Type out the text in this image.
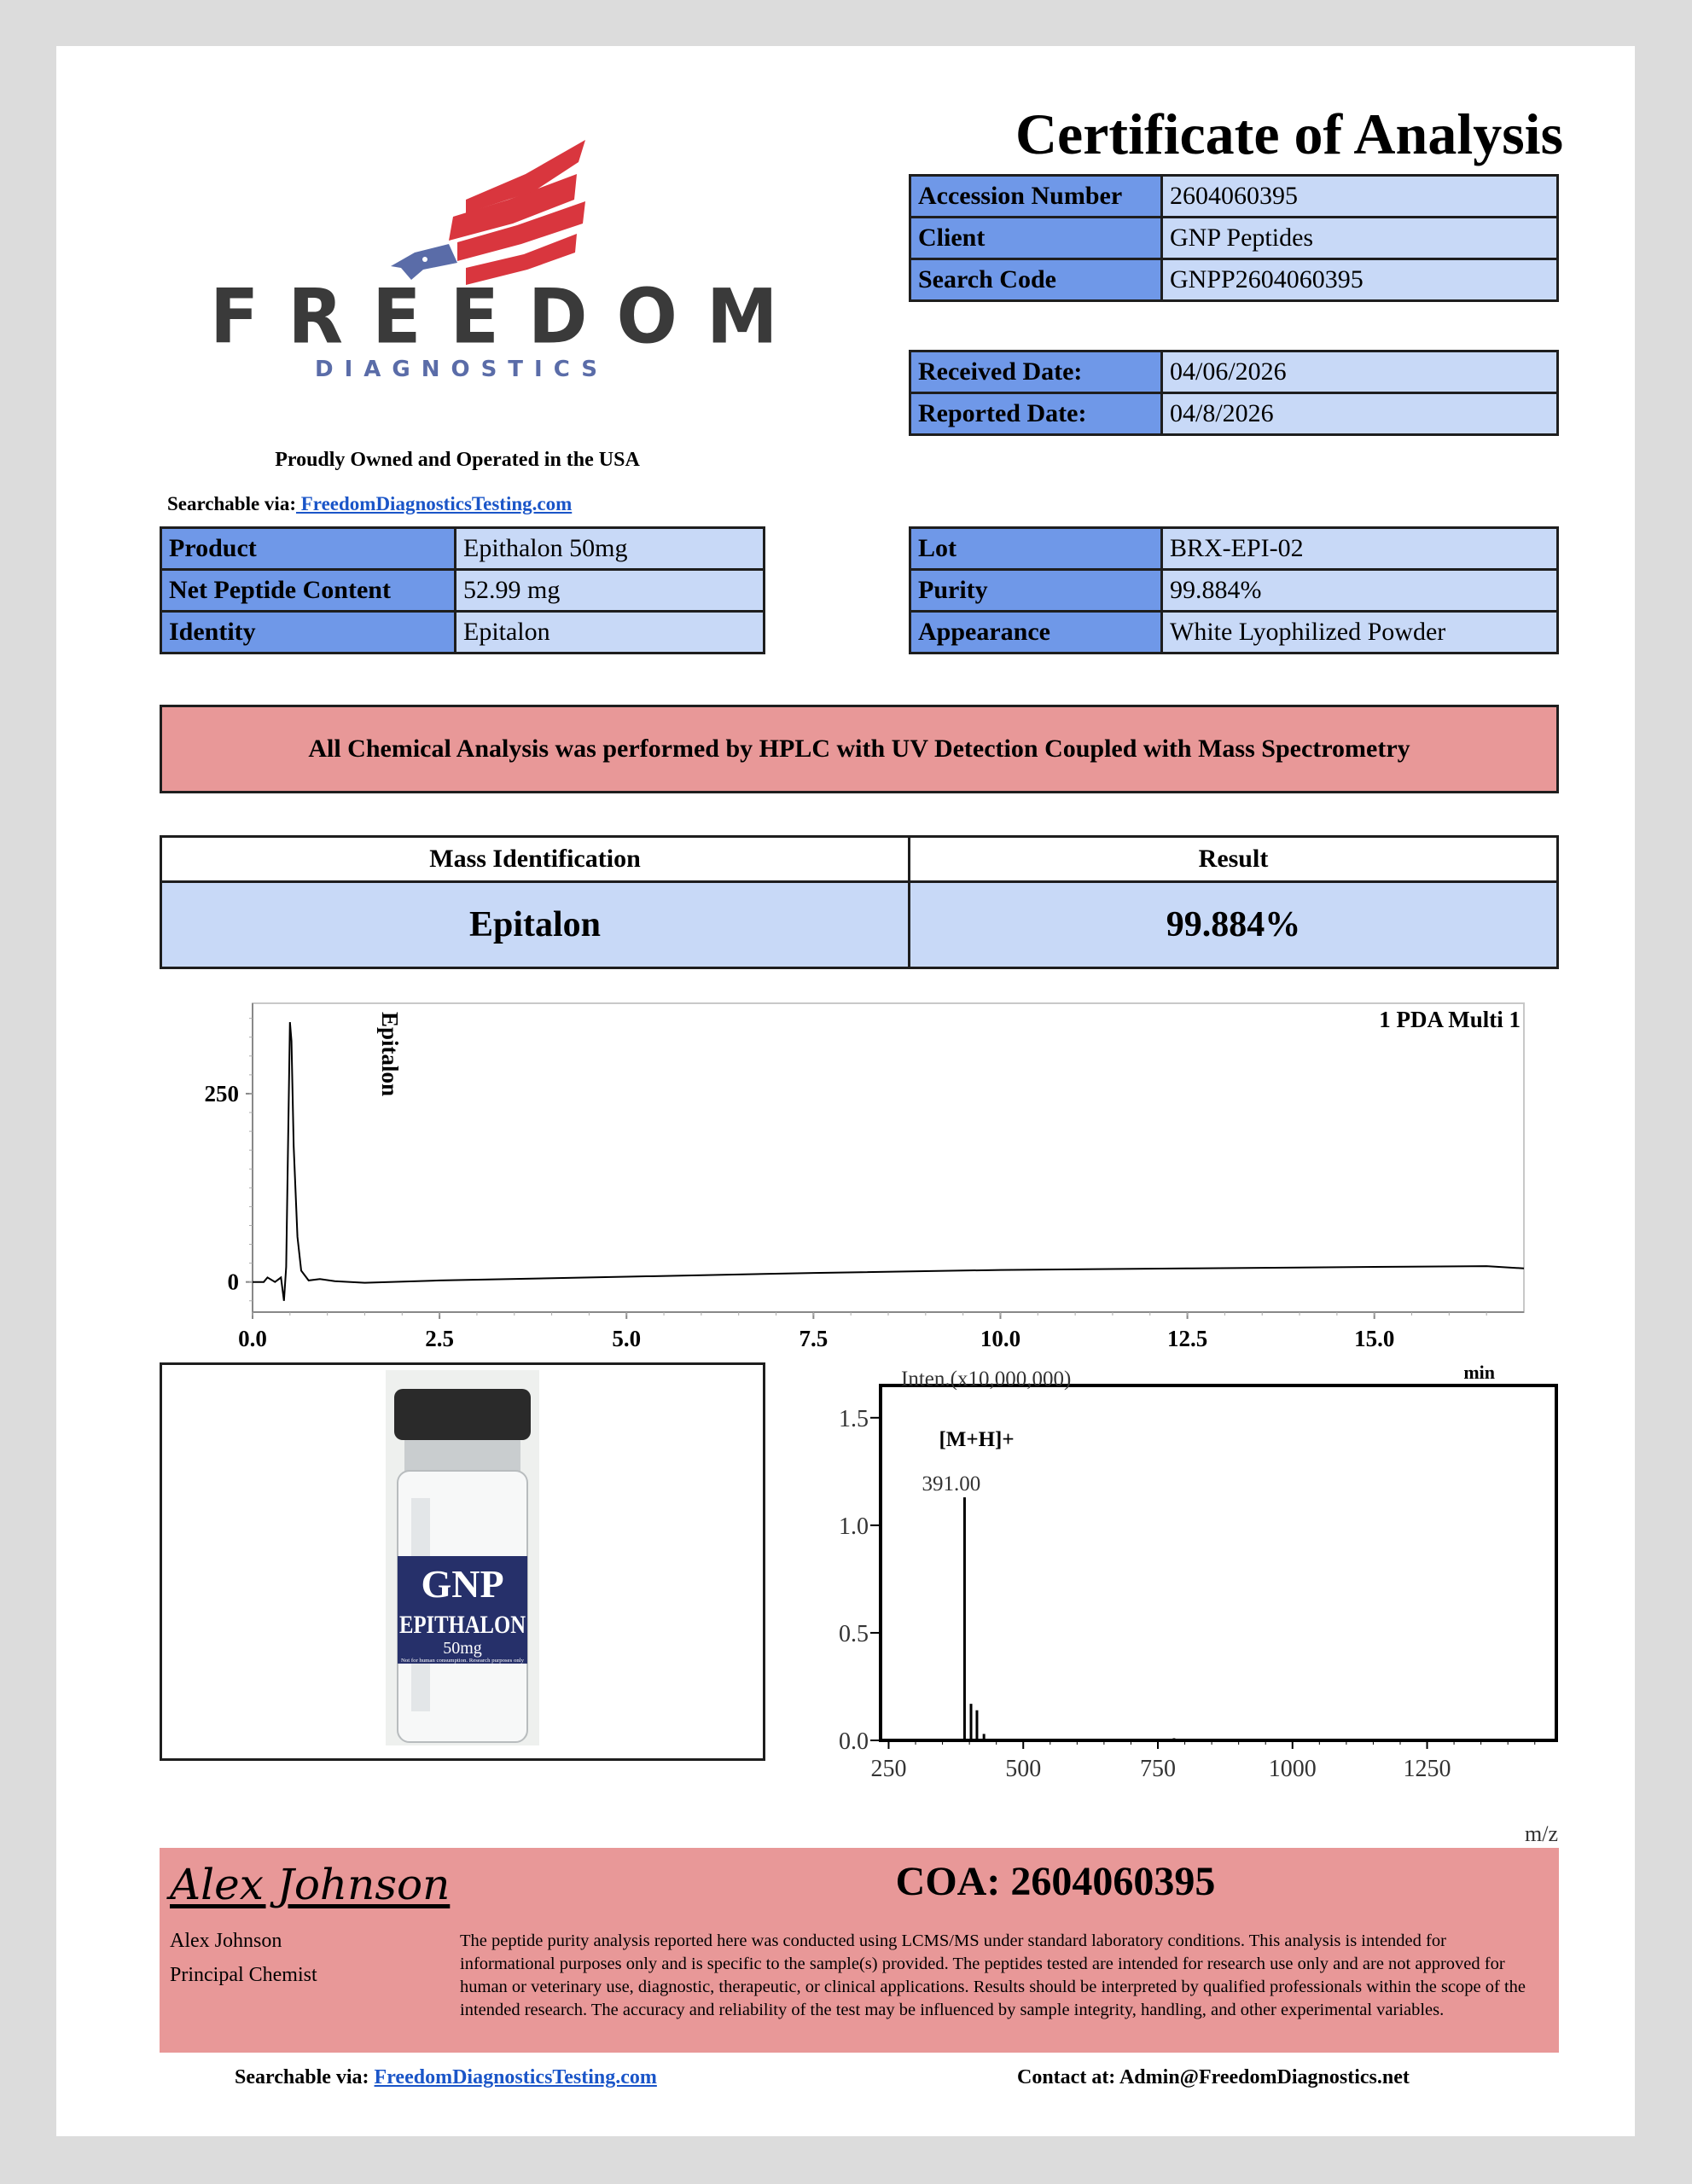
FREEDOM
DIAGNOSTICS
Proudly Owned and Operated in the USA
Searchable via: FreedomDiagnosticsTesting.com
Certificate of Analysis
Accession Number	2604060395
Client	GNP Peptides
Search Code	GNPP2604060395
Received Date:	04/06/2026
Reported Date:	04/8/2026
Product	Epithalon 50mg
Net Peptide Content	52.99 mg
Identity	Epitalon
Lot	BRX-EPI-02
Purity	99.884%
Appearance	White Lyophilized Powder
All Chemical Analysis was performed by HPLC with UV Detection Coupled with Mass Spectrometry
Mass Identification	Result
Epitalon	99.884%
0.0	2.5	5.0	7.5	10.0	12.5	15.0
0
250
1 PDA Multi 1
min
Epitalon
GNP
EPITHALON
50mg
Not for human consumption. Research purposes only
250	500	750	1000	1250
0.0
0.5
1.0
1.5
Inten.(x10,000,000)
m/z
[M+H]+
391.00
Alex Johnson
Alex Johnson
Principal Chemist
COA: 2604060395
The peptide purity analysis reported here was conducted using LCMS/MS under standard laboratory conditions. This analysis is intended for informational purposes only and is specific to the sample(s) provided. The peptides tested are intended for research use only and are not approved for human or veterinary use, diagnostic, therapeutic, or clinical applications. Results should be interpreted by qualified professionals within the scope of the intended research. The accuracy and reliability of the test may be influenced by sample integrity, handling, and other experimental variables.
Searchable via: FreedomDiagnosticsTesting.com	Contact at: Admin@FreedomDiagnostics.net
